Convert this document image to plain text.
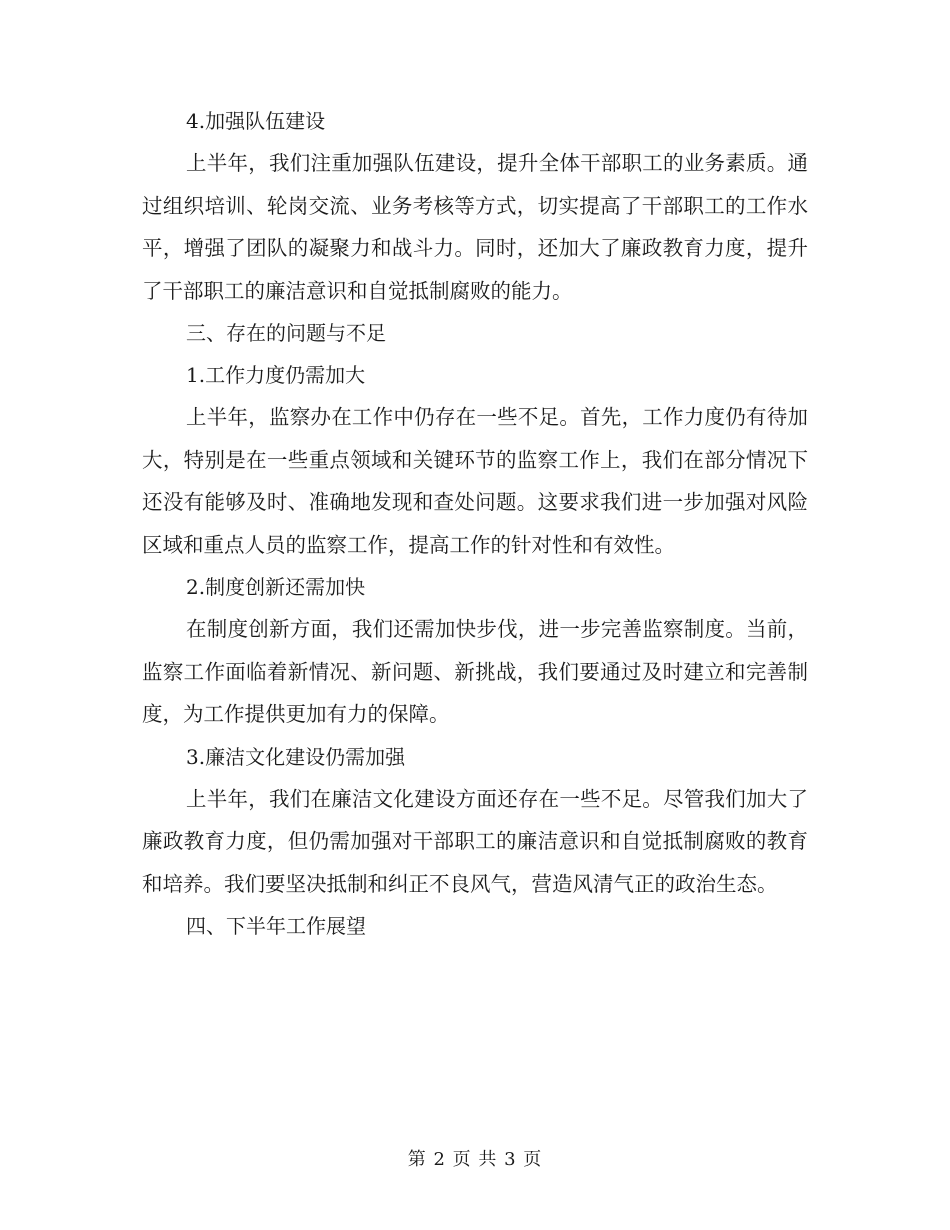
4.加强队伍建设

上半年，我们注重加强队伍建设，提升全体干部职工的业务素质。通过组织培训、轮岗交流、业务考核等方式，切实提高了干部职工的工作水平，增强了团队的凝聚力和战斗力。同时，还加大了廉政教育力度，提升了干部职工的廉洁意识和自觉抵制腐败的能力。

三、存在的问题与不足

1.工作力度仍需加大

上半年，监察办在工作中仍存在一些不足。首先，工作力度仍有待加大，特别是在一些重点领域和关键环节的监察工作上，我们在部分情况下还没有能够及时、准确地发现和查处问题。这要求我们进一步加强对风险区域和重点人员的监察工作，提高工作的针对性和有效性。

2.制度创新还需加快

在制度创新方面，我们还需加快步伐，进一步完善监察制度。当前，监察工作面临着新情况、新问题、新挑战，我们要通过及时建立和完善制度，为工作提供更加有力的保障。

3.廉洁文化建设仍需加强

上半年，我们在廉洁文化建设方面还存在一些不足。尽管我们加大了廉政教育力度，但仍需加强对干部职工的廉洁意识和自觉抵制腐败的教育和培养。我们要坚决抵制和纠正不良风气，营造风清气正的政治生态。

四、下半年工作展望

第 2 页 共 3 页
